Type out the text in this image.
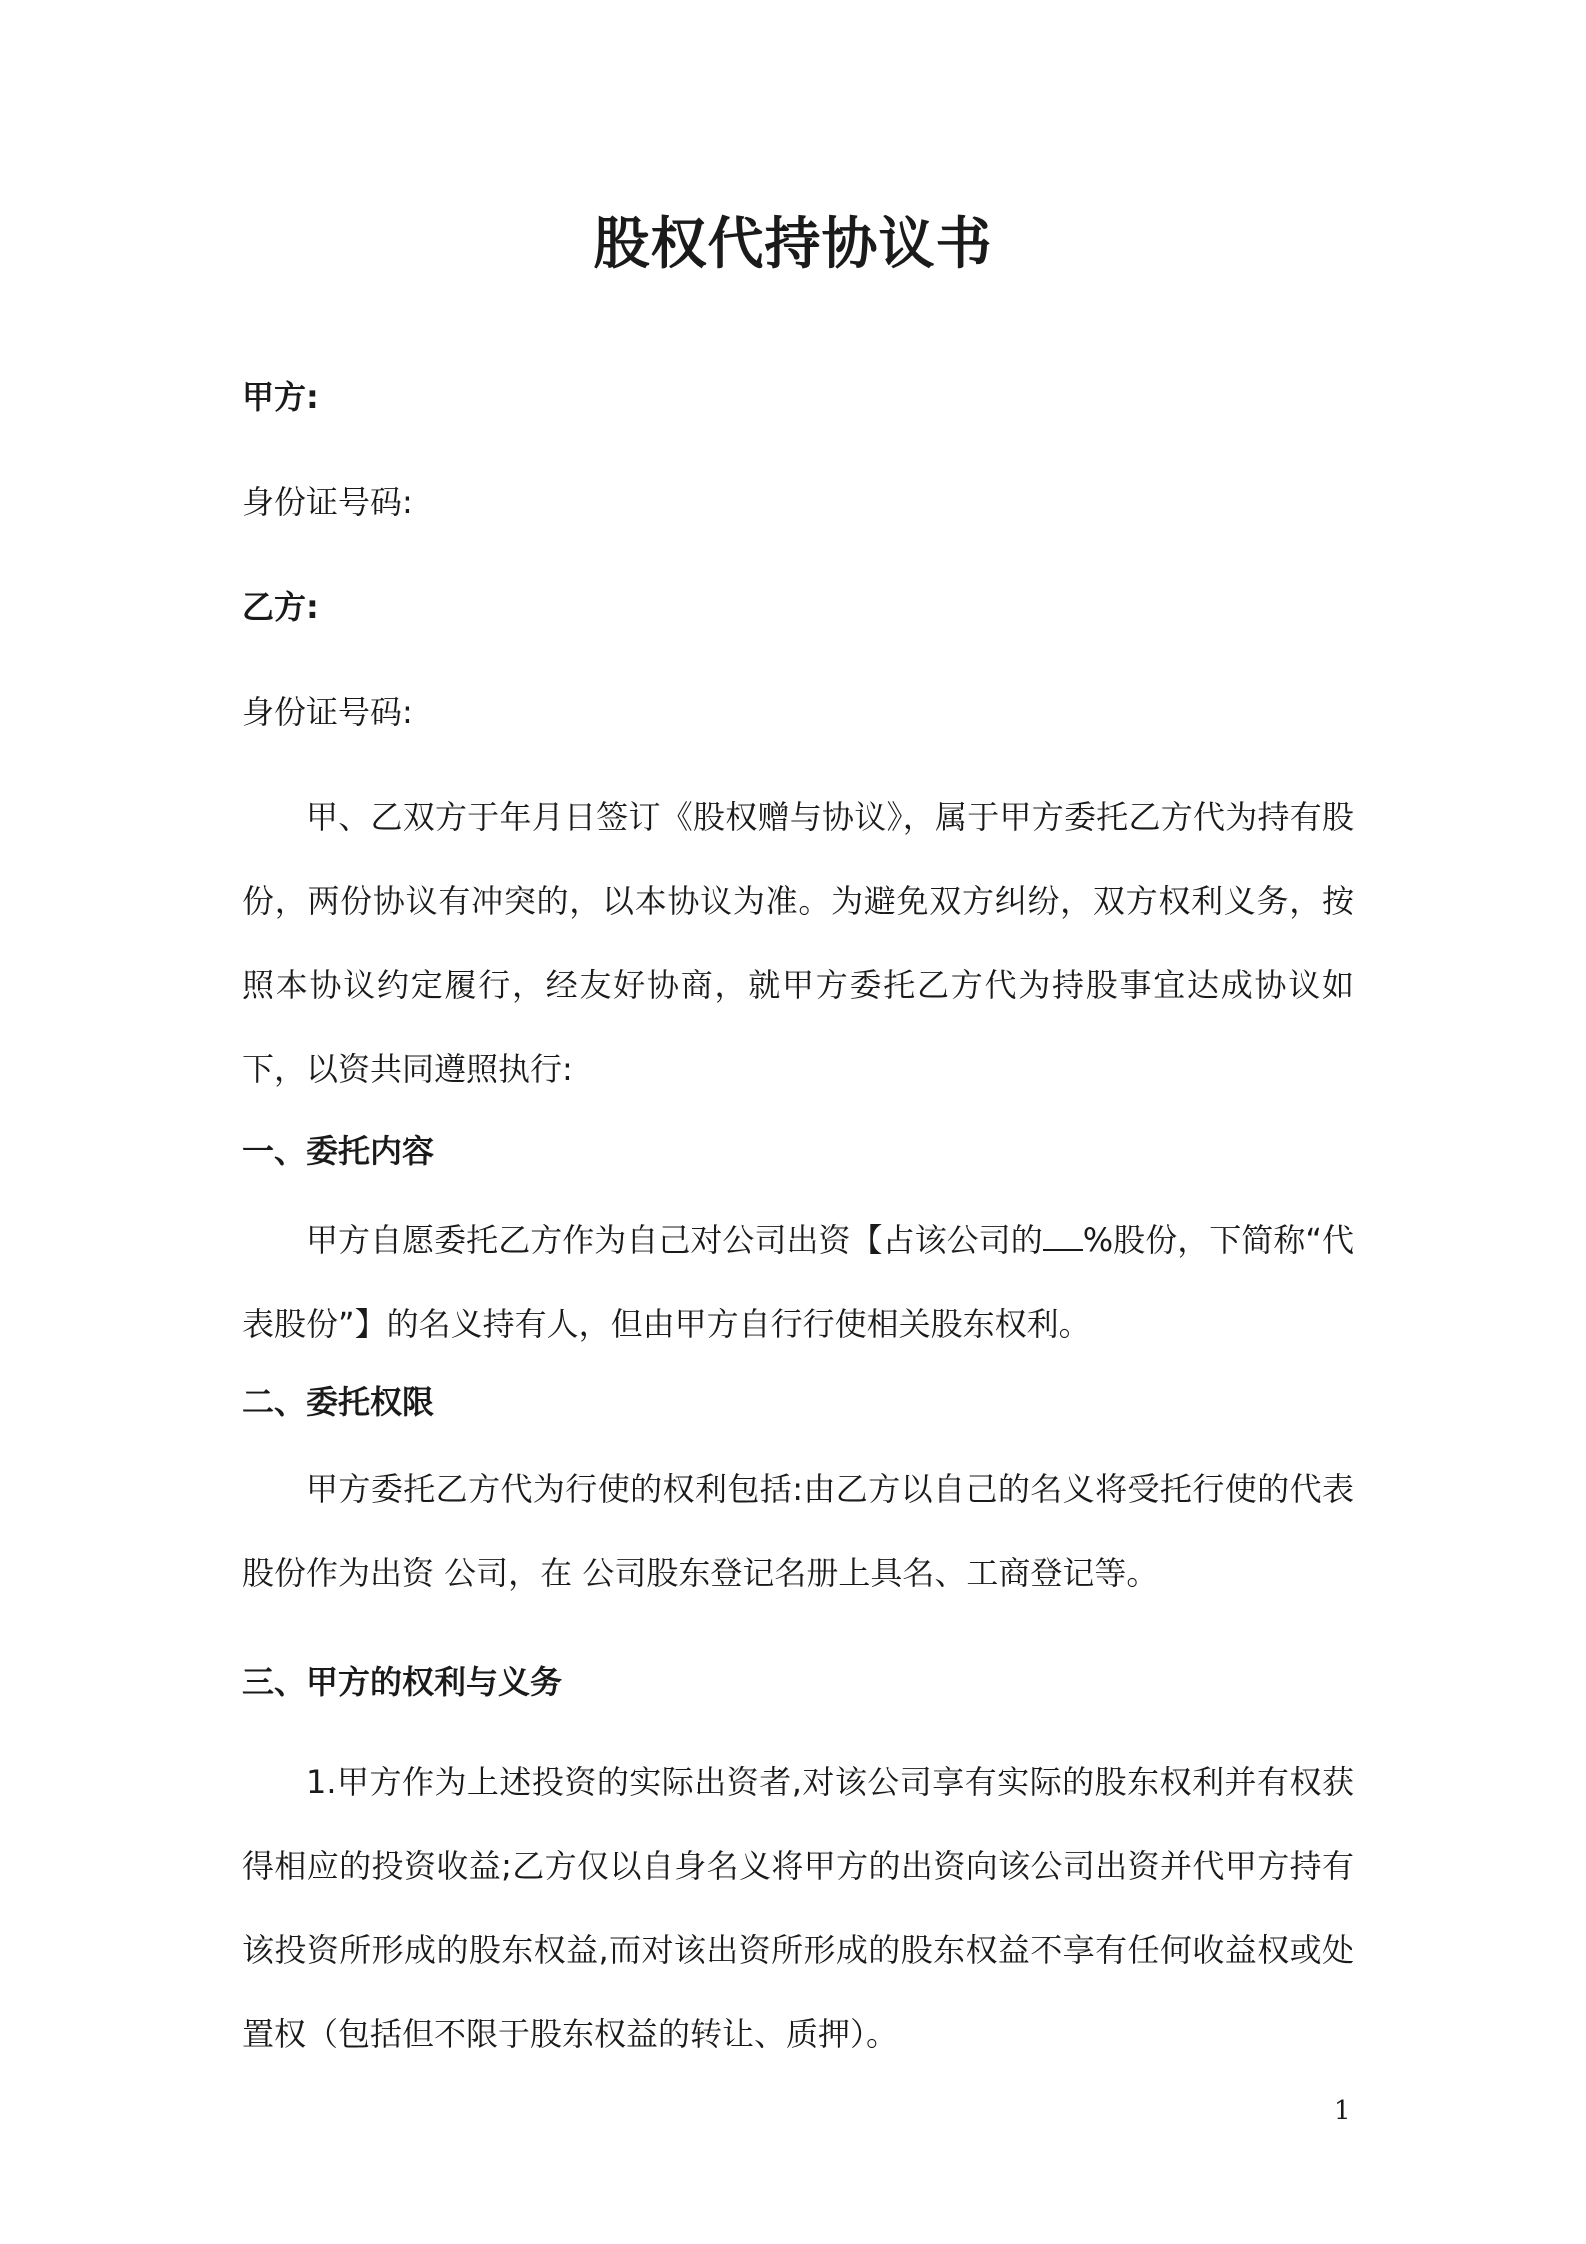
股权代持协议书
甲方:
身份证号码:
乙方:
身份证号码:
甲、乙双方于年月日签订《股权赠与协议》，属于甲方委托乙方代为持有股份，两份协议有冲突的，以本协议为准。为避免双方纠纷，双方权利义务，按照本协议约定履行，经友好协商，就甲方委托乙方代为持股事宜达成协议如下，以资共同遵照执行:
一、委托内容
甲方自愿委托乙方作为自己对公司出资【占该公司的 %股份，下简称“代表股份”】的名义持有人，但由甲方自行行使相关股东权利。
二、委托权限
甲方委托乙方代为行使的权利包括:由乙方以自己的名义将受托行使的代表股份作为出资 公司，在 公司股东登记名册上具名、工商登记等。
三、甲方的权利与义务
1.甲方作为上述投资的实际出资者,对该公司享有实际的股东权利并有权获得相应的投资收益;乙方仅以自身名义将甲方的出资向该公司出资并代甲方持有该投资所形成的股东权益,而对该出资所形成的股东权益不享有任何收益权或处置权（包括但不限于股东权益的转让、质押）。
1
